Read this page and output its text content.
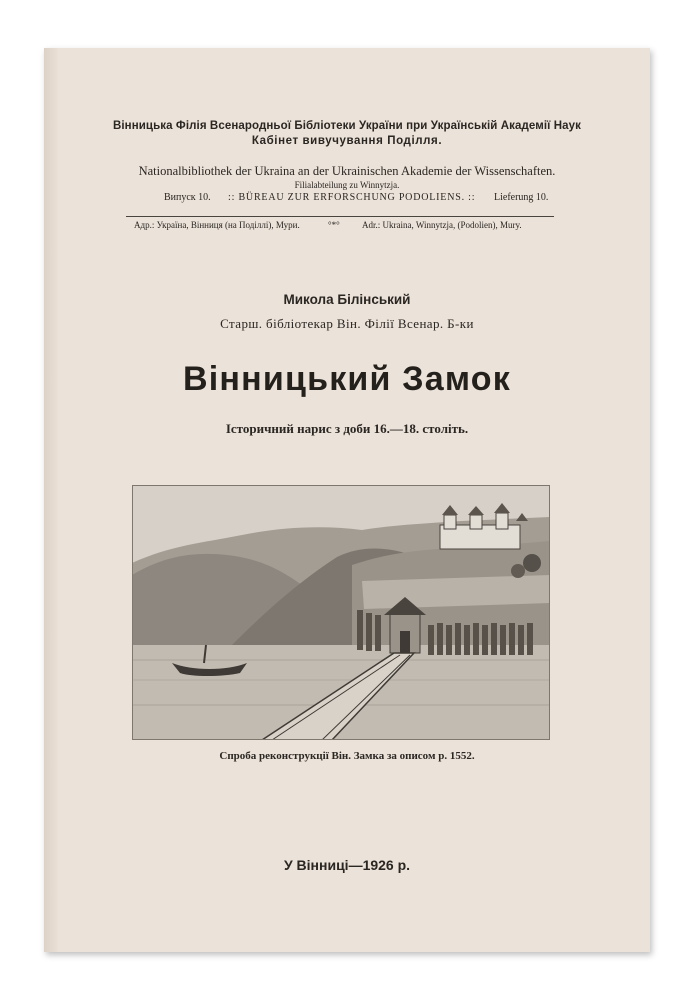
Вінницька Філія Всенародньої Бібліотеки України при Українській Академії Наук
Кабінет вивучування Поділля.
Nationalbibliothek der Ukraina an der Ukrainischen Akademie der Wissenschaften.
Filialabteilung zu Winnytzja.
Випуск 10. :: BÜREAU ZUR ERFORSCHUNG PODOLIENS. :: Lieferung 10.
Адр.: Україна, Вінниця (на Поділлі), Мури.	°*° Adr.: Ukraina, Winnytzja, (Podolien), Mury.
Микола Білінський
Старш. бібліотекар Він. Філії Всенар. Б-ки
Вінницький Замок
Історичний нарис з доби 16.—18. століть.
Спроба реконструкції Він. Замка за описом р. 1552.
У Вінниці—1926 р.
